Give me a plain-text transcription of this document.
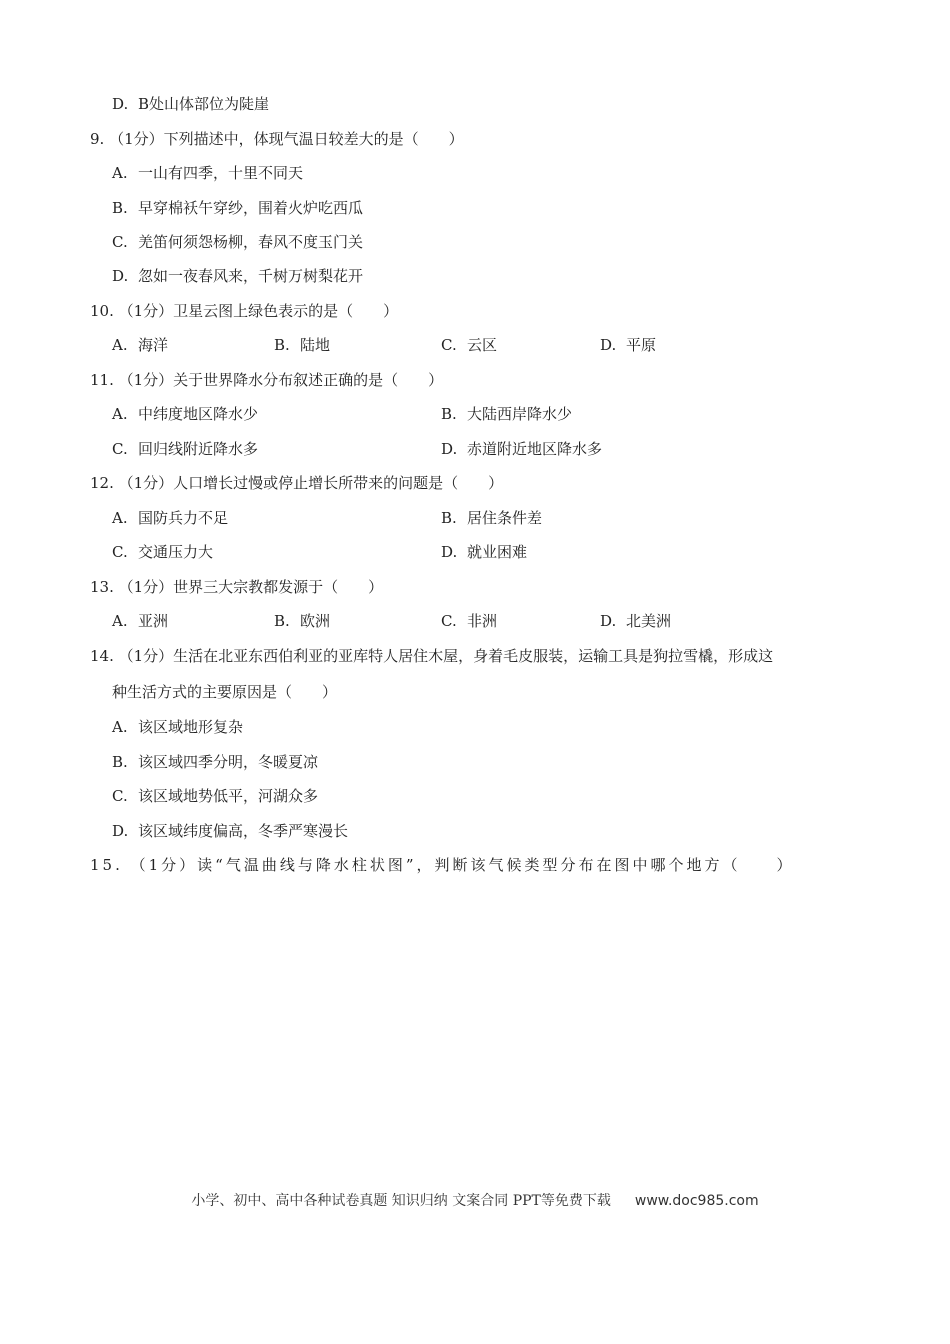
D. B处山体部位为陡崖
9. （1分）下列描述中，体现气温日较差大的是（　　）
A. 一山有四季，十里不同天
B. 早穿棉袄午穿纱，围着火炉吃西瓜
C. 羌笛何须怨杨柳，春风不度玉门关
D. 忽如一夜春风来，千树万树梨花开
10. （1分）卫星云图上绿色表示的是（　　）
A. 海洋	B. 陆地	C. 云区	D. 平原
11. （1分）关于世界降水分布叙述正确的是（　　）
A. 中纬度地区降水少	B. 大陆西岸降水少
C. 回归线附近降水多	D. 赤道附近地区降水多
12. （1分）人口增长过慢或停止增长所带来的问题是（　　）
A. 国防兵力不足	B. 居住条件差
C. 交通压力大	D. 就业困难
13. （1分）世界三大宗教都发源于（　　）
A. 亚洲	B. 欧洲	C. 非洲	D. 北美洲
14. （1分）生活在北亚东西伯利亚的亚库特人居住木屋，身着毛皮服装，运输工具是狗拉雪橇，形成这
种生活方式的主要原因是（　　）
A. 该区域地形复杂
B. 该区域四季分明，冬暖夏凉
C. 该区域地势低平，河湖众多
D. 该区域纬度偏高，冬季严寒漫长
15. （1分）读“气温曲线与降水柱状图”，判断该气候类型分布在图中哪个地方（　　）
小学、初中、高中各种试卷真题 知识归纳 文案合同 PPT等免费下载 www.doc985.com
